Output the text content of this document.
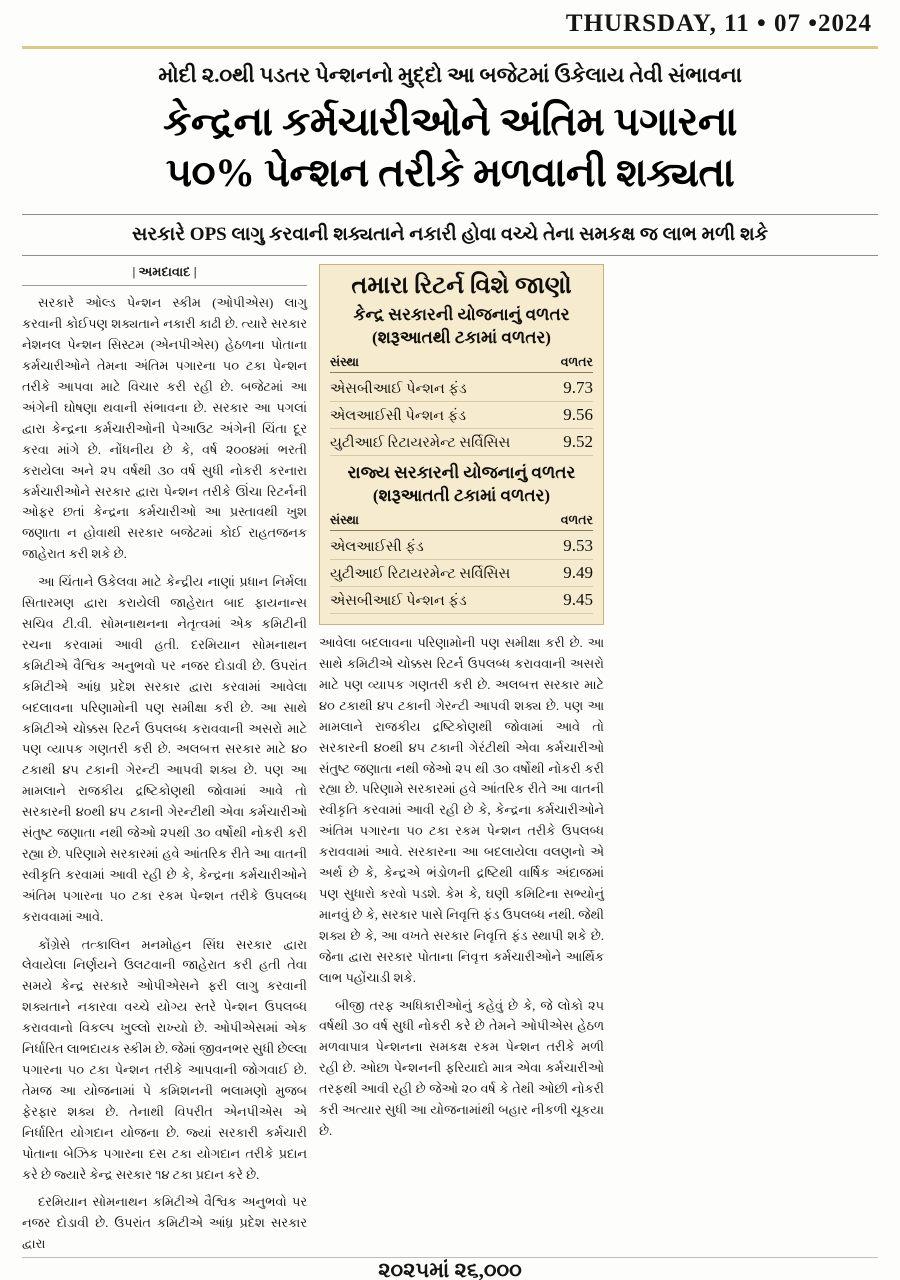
THURSDAY, 11 • 07 •2024
મોદી ૨.૦થી પડતર પેન્શનનો મુદ્દો આ બજેટમાં ઉકેલાય તેવી સંભાવના
કેન્દ્રના કર્મચારીઓને અંતિમ પગારના
૫૦% પેન્શન તરીકે મળવાની શક્યતા
સરકારે OPS લાગુ કરવાની શક્યતાને નકારી હોવા વચ્ચે તેના સમકક્ષ જ લાભ મળી શકે
| અમદાવાદ |

સરકારે ઓલ્ડ પેન્શન સ્કીમ (ઓપીએસ) લાગુ કરવાની કોઈપણ શક્યતાને નકારી કાઢી છે. ત્યારે સરકાર નેશનલ પેન્શન સિસ્ટમ (એનપીએસ) હેઠળના પોતાના કર્મચારીઓને તેમના અંતિમ પગારના ૫૦ ટકા પેન્શન તરીકે આપવા માટે વિચાર કરી રહી છે. બજેટમાં આ અંગેની ઘોષણા થવાની સંભાવના છે. સરકાર આ પગલાં દ્વારા કેન્દ્રના કર્મચારીઓની પેઆઉટ અંગેની ચિંતા દૂર કરવા માંગે છે. નોંધનીય છે કે, વર્ષ ૨૦૦૪માં ભરતી કરાયેલા અને ૨૫ વર્ષથી ૩૦ વર્ષ સુધી નોકરી કરનારા કર્મચારીઓને સરકાર દ્વારા પેન્શન તરીકે ઊંચા રિટર્નની ઓફર છતાં કેન્દ્રના કર્મચારીઓ આ પ્રસ્તાવથી ખુશ જણાતા ન હોવાથી સરકાર બજેટમાં કોઈ રાહતજનક જાહેરાત કરી શકે છે.

આ ચિંતાને ઉકેલવા માટે કેન્દ્રીય નાણાં પ્રધાન નિર્મલા સિતારમણ દ્વારા કરાયેલી જાહેરાત બાદ ફાયનાન્સ સચિવ ટી.વી. સોમનાથનના નેતૃત્વમાં એક કમિટીની રચના કરવામાં આવી હતી. દરમિયાન સોમનાથન કમિટીએ વૈશ્વિક અનુભવો પર નજર દોડાવી છે. ઉપરાંત કમિટીએ આંધ્ર પ્રદેશ સરકાર દ્વારા કરવામાં આવેલા બદલાવના પરિણામોની પણ સમીક્ષા કરી છે. આ સાથે કમિટીએ ચોક્કસ રિટર્ન ઉપલબ્ધ કરાવવાની અસરો માટે પણ વ્યાપક ગણતરી કરી છે. અલબત્ત સરકાર માટે ૪૦ ટકાથી ૪૫ ટકાની ગેરન્ટી આપવી શક્ય છે. પણ આ મામલાને રાજકીય દ્રષ્ટિકોણથી જોવામાં આવે તો સરકારની ૪૦થી ૪૫ ટકાની ગેરન્ટીથી એવા કર્મચારીઓ સંતુષ્ટ જણાતા નથી જેઓ ૨૫થી ૩૦ વર્ષોથી નોકરી કરી રહ્યા છે. પરિણામે સરકારમાં હવે આંતરિક રીતે આ વાતની સ્વીકૃતિ કરવામાં આવી રહી છે કે, કેન્દ્રના કર્મચારીઓને અંતિમ પગારના ૫૦ ટકા રકમ પેન્શન તરીકે ઉપલબ્ધ કરાવવામાં આવે.

કોંગ્રેસે તત્કાલિન મનમોહન સિંઘ સરકાર દ્વારા લેવાયેલા નિર્ણયને ઉલટવાની જાહેરાત કરી હતી તેવા સમયે કેન્દ્ર સરકારે ઓપીએસને ફરી લાગુ કરવાની શક્યતાને નકારવા વચ્ચે યોગ્ય સ્તરે પેન્શન ઉપલબ્ધ કરાવવાનો વિકલ્પ ખુલ્લો રાખ્યો છે. ઓપીએસમાં એક નિર્ધારિત લાભદાયક સ્કીમ છે. જેમાં જીવનભર સુધી છેલ્લા પગારના ૫૦ ટકા પેન્શન તરીકે આપવાની જોગવાઈ છે. તેમજ આ યોજનામાં પે કમિશનની ભલામણો મુજબ ફેરફાર શક્ય છે. તેનાથી વિપરીત એનપીએસ એ નિર્ધારિત યોગદાન યોજના છે. જ્યાં સરકારી કર્મચારી પોતાના બેઝિક પગારના દસ ટકા યોગદાન તરીકે પ્રદાન કરે છે જ્યારે કેન્દ્ર સરકાર ૧૪ ટકા પ્રદાન કરે છે.

દરમિયાન સોમનાથન કમિટીએ વૈશ્વિક અનુભવો પર નજર દોડાવી છે. ઉપરાંત કમિટીએ આંધ્ર પ્રદેશ સરકાર દ્વારા

તમારા રિટર્ન વિશે જાણો
કેન્દ્ર સરકારની યોજનાનું વળતર
(શરૂઆતથી ટકામાં વળતર)
સંસ્થા	વળતર
એસબીઆઈ પેન્શન ફંડ	9.73
એલઆઈસી પેન્શન ફંડ	9.56
યુટીઆઈ રિટાયરમેન્ટ સર્વિસિસ	9.52
રાજ્ય સરકારની યોજનાનું વળતર
(શરૂઆતતી ટકામાં વળતર)
સંસ્થા	વળતર
એલઆઈસી ફંડ	9.53
યુટીઆઈ રિટાયરમેન્ટ સર્વિસિસ	9.49
એસબીઆઈ પેન્શન ફંડ	9.45

આવેલા બદલાવના પરિણામોની પણ સમીક્ષા કરી છે. આ સાથે કમિટીએ ચોક્કસ રિટર્ન ઉપલબ્ધ કરાવવાની અસરો માટે પણ વ્યાપક ગણતરી કરી છે. અલબત્ત સરકાર માટે ૪૦ ટકાથી ૪૫ ટકાની ગેરન્ટી આપવી શક્ય છે. પણ આ મામલાને રાજકીય દ્રષ્ટિકોણથી જોવામાં આવે તો સરકારની ૪૦થી ૪૫ ટકાની ગેરંટીથી એવા કર્મચારીઓ સંતુષ્ટ જણાતા નથી જેઓ ૨૫ થી ૩૦ વર્ષોથી નોકરી કરી રહ્યા છે. પરિણામે સરકારમાં હવે આંતરિક રીતે આ વાતની સ્વીકૃતિ કરવામાં આવી રહી છે કે, કેન્દ્રના કર્મચારીઓને અંતિમ પગારના ૫૦ ટકા રકમ પેન્શન તરીકે ઉપલબ્ધ કરાવવામાં આવે. સરકારના આ બદલાયેલા વલણનો એ અર્થ છે કે, કેન્દ્રએ ભંડોળની દ્રષ્ટિથી વાર્ષિક અંદાજમાં પણ સુધારો કરવો પડશે. કેમ કે, ઘણી કમિટિના સભ્યોનું માનવું છે કે, સરકાર પાસે નિવૃત્તિ ફંડ ઉપલબ્ધ નથી. જેથી શક્ય છે કે, આ વખતે સરકાર નિવૃત્તિ ફંડ સ્થાપી શકે છે. જેના દ્વારા સરકાર પોતાના નિવૃત્ત કર્મચારીઓને આર્થિક લાભ પહોંચાડી શકે.

બીજી તરફ અધિકારીઓનું કહેવું છે કે, જે લોકો ૨૫ વર્ષથી ૩૦ વર્ષ સુધી નોકરી કરે છે તેમને ઓપીએસ હેઠળ મળવાપાત્ર પેન્શનના સમકક્ષ રકમ પેન્શન તરીકે મળી રહી છે. ઓછા પેન્શનની ફરિયાદો માત્ર એવા કર્મચારીઓ તરફથી આવી રહી છે જેઓ ૨૦ વર્ષ કે તેથી ઓછી નોકરી કરી અત્યાર સુધી આ યોજનામાંથી બહાર નીકળી ચૂકયા છે.

૨૦૨૫માં ૨૬,૦૦૦
